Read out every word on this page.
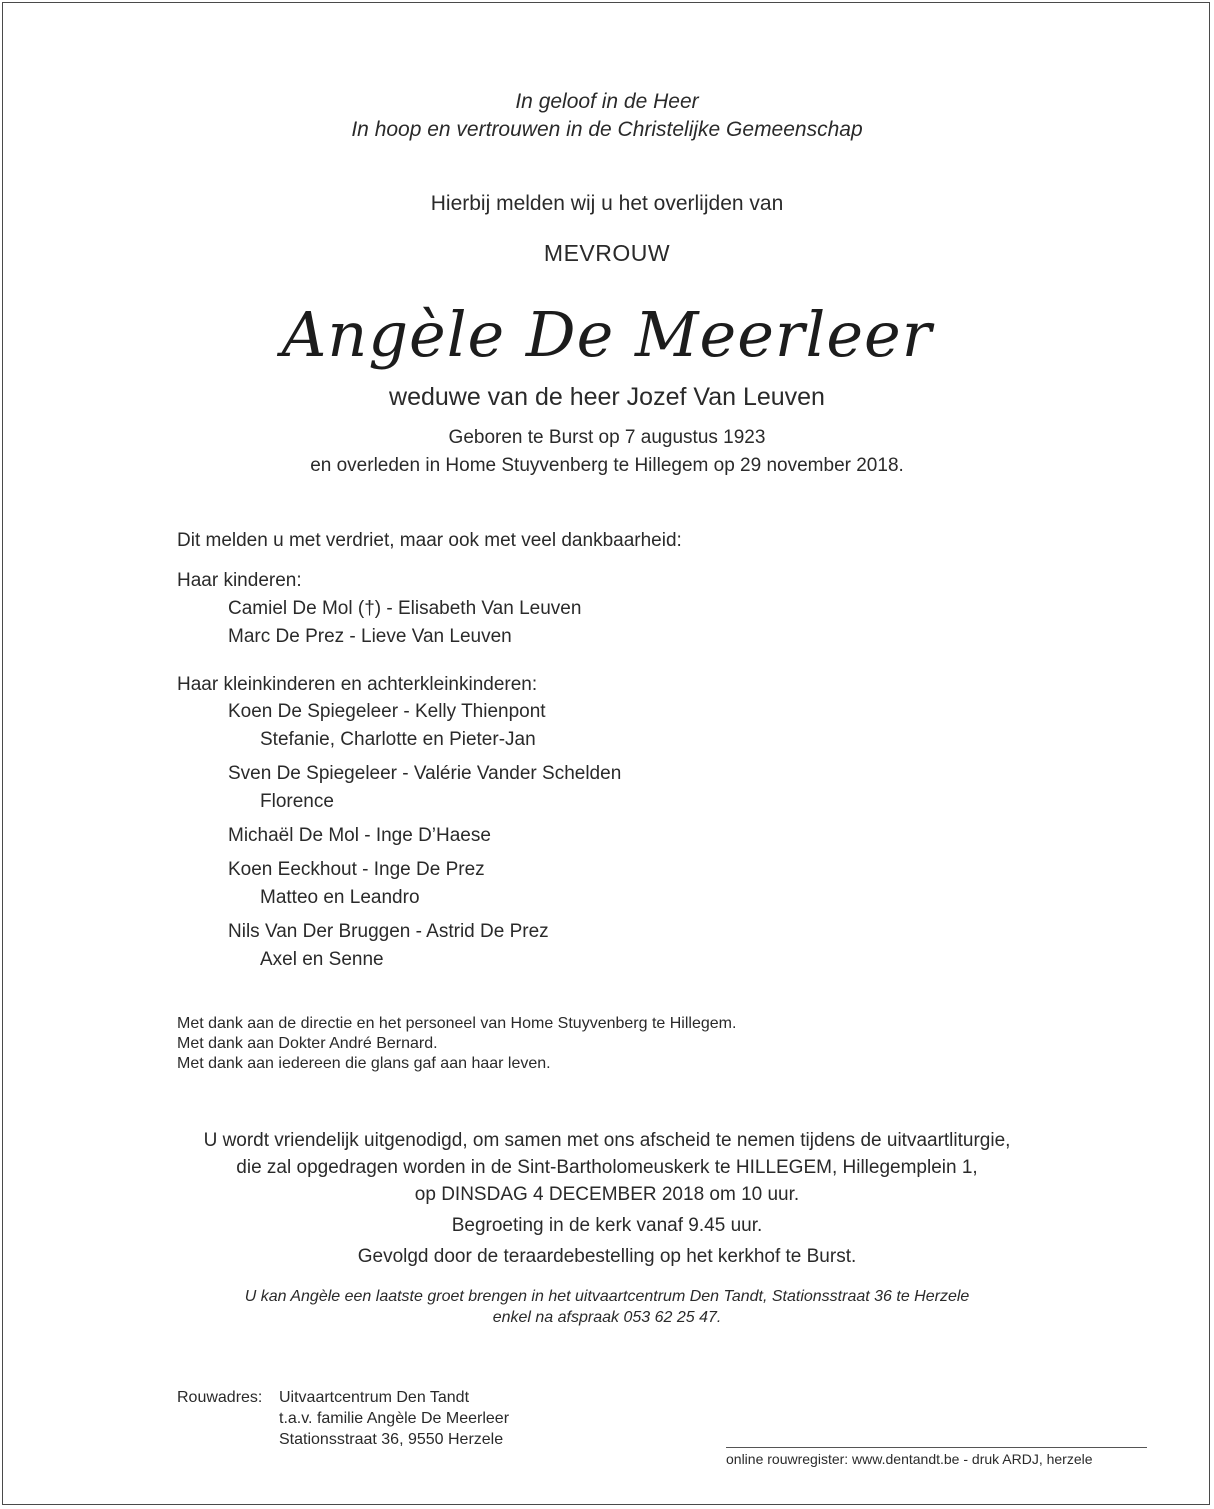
In geloof in de Heer
In hoop en vertrouwen in de Christelijke Gemeenschap
Hierbij melden wij u het overlijden van
MEVROUW
Angèle De Meerleer
weduwe van de heer Jozef Van Leuven
Geboren te Burst op 7 augustus 1923
en overleden in Home Stuyvenberg te Hillegem op 29 november 2018.
Dit melden u met verdriet, maar ook met veel dankbaarheid:
Haar kinderen:
Camiel De Mol (†) - Elisabeth Van Leuven
Marc De Prez - Lieve Van Leuven
Haar kleinkinderen en achterkleinkinderen:
Koen De Spiegeleer - Kelly Thienpont
Stefanie, Charlotte en Pieter-Jan
Sven De Spiegeleer - Valérie Vander Schelden
Florence
Michaël De Mol - Inge D’Haese
Koen Eeckhout - Inge De Prez
Matteo en Leandro
Nils Van Der Bruggen - Astrid De Prez
Axel en Senne
Met dank aan de directie en het personeel van Home Stuyvenberg te Hillegem.
Met dank aan Dokter André Bernard.
Met dank aan iedereen die glans gaf aan haar leven.
U wordt vriendelijk uitgenodigd, om samen met ons afscheid te nemen tijdens de uitvaartliturgie,
die zal opgedragen worden in de Sint-Bartholomeuskerk te HILLEGEM, Hillegemplein 1,
op DINSDAG 4 DECEMBER 2018 om 10 uur.
Begroeting in de kerk vanaf 9.45 uur.
Gevolgd door de teraardebestelling op het kerkhof te Burst.
U kan Angèle een laatste groet brengen in het uitvaartcentrum Den Tandt, Stationsstraat 36 te Herzele
enkel na afspraak 053 62 25 47.
Rouwadres: Uitvaartcentrum Den Tandt
t.a.v. familie Angèle De Meerleer
Stationsstraat 36, 9550 Herzele
online rouwregister: www.dentandt.be - druk ARDJ, herzele
